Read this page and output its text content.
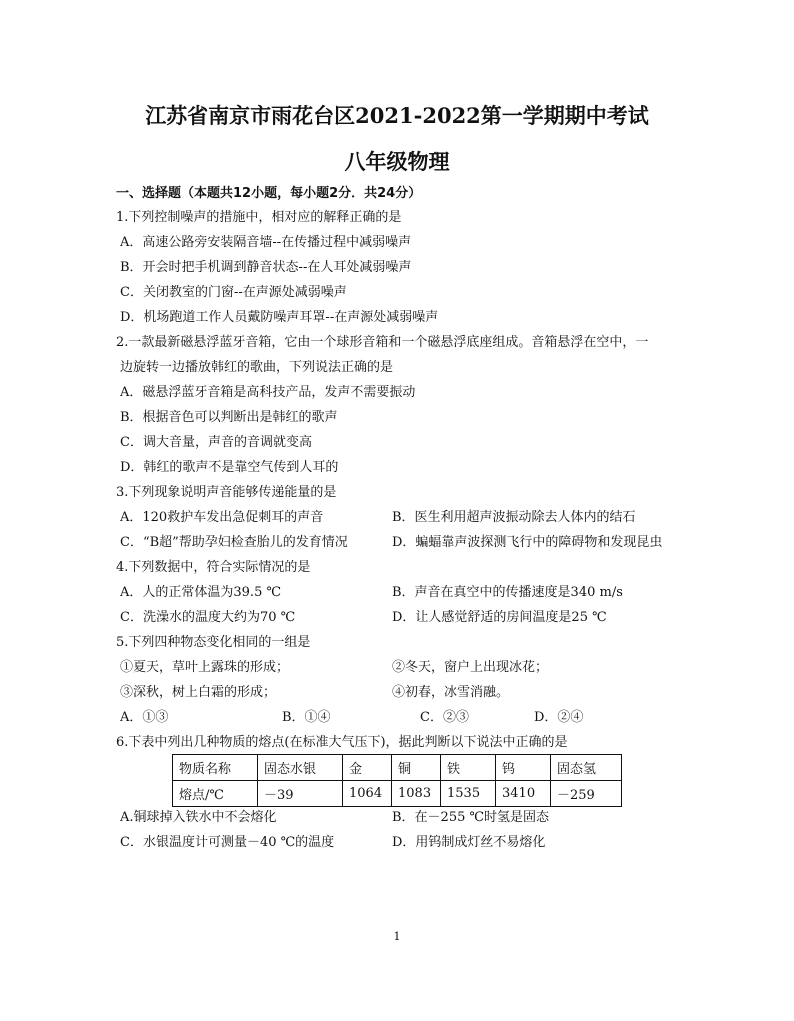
江苏省南京市雨花台区2021-2022第一学期期中考试
八年级物理
一、选择题（本题共12小题，每小题2分．共24分）
1.下列控制噪声的措施中，相对应的解释正确的是
A．高速公路旁安装隔音墙--在传播过程中减弱噪声
B．开会时把手机调到静音状态--在人耳处减弱噪声
C．关闭教室的门窗--在声源处减弱噪声
D．机场跑道工作人员戴防噪声耳罩--在声源处减弱噪声
2.一款最新磁悬浮蓝牙音箱，它由一个球形音箱和一个磁悬浮底座组成。音箱悬浮在空中，一
边旋转一边播放韩红的歌曲，下列说法正确的是
A．磁悬浮蓝牙音箱是高科技产品，发声不需要振动
B．根据音色可以判断出是韩红的歌声
C．调大音量，声音的音调就变高
D．韩红的歌声不是靠空气传到人耳的
3.下列现象说明声音能够传递能量的是
A．120救护车发出急促刺耳的声音	B．医生利用超声波振动除去人体内的结石
C．“B超”帮助孕妇检查胎儿的发育情况	D．蝙蝠靠声波探测飞行中的障碍物和发现昆虫
4.下列数据中，符合实际情况的是
A．人的正常体温为39.5 ℃	B．声音在真空中的传播速度是340 m/s
C．洗澡水的温度大约为70 ℃	D．让人感觉舒适的房间温度是25 ℃
5.下列四种物态变化相同的一组是
①夏天，草叶上露珠的形成；	②冬天，窗户上出现冰花；
③深秋，树上白霜的形成；	④初春，冰雪消融。
A．①③	B．①④	C．②③	D．②④
6.下表中列出几种物质的熔点(在标准大气压下)，据此判断以下说法中正确的是
物质名称	固态水银	金	铜	铁	钨	固态氢
熔点/℃	－39	1064	1083	1535	3410	－259
A.铜球掉入铁水中不会熔化	B．在－255 ℃时氢是固态
C．水银温度计可测量－40 ℃的温度	D．用钨制成灯丝不易熔化
1
